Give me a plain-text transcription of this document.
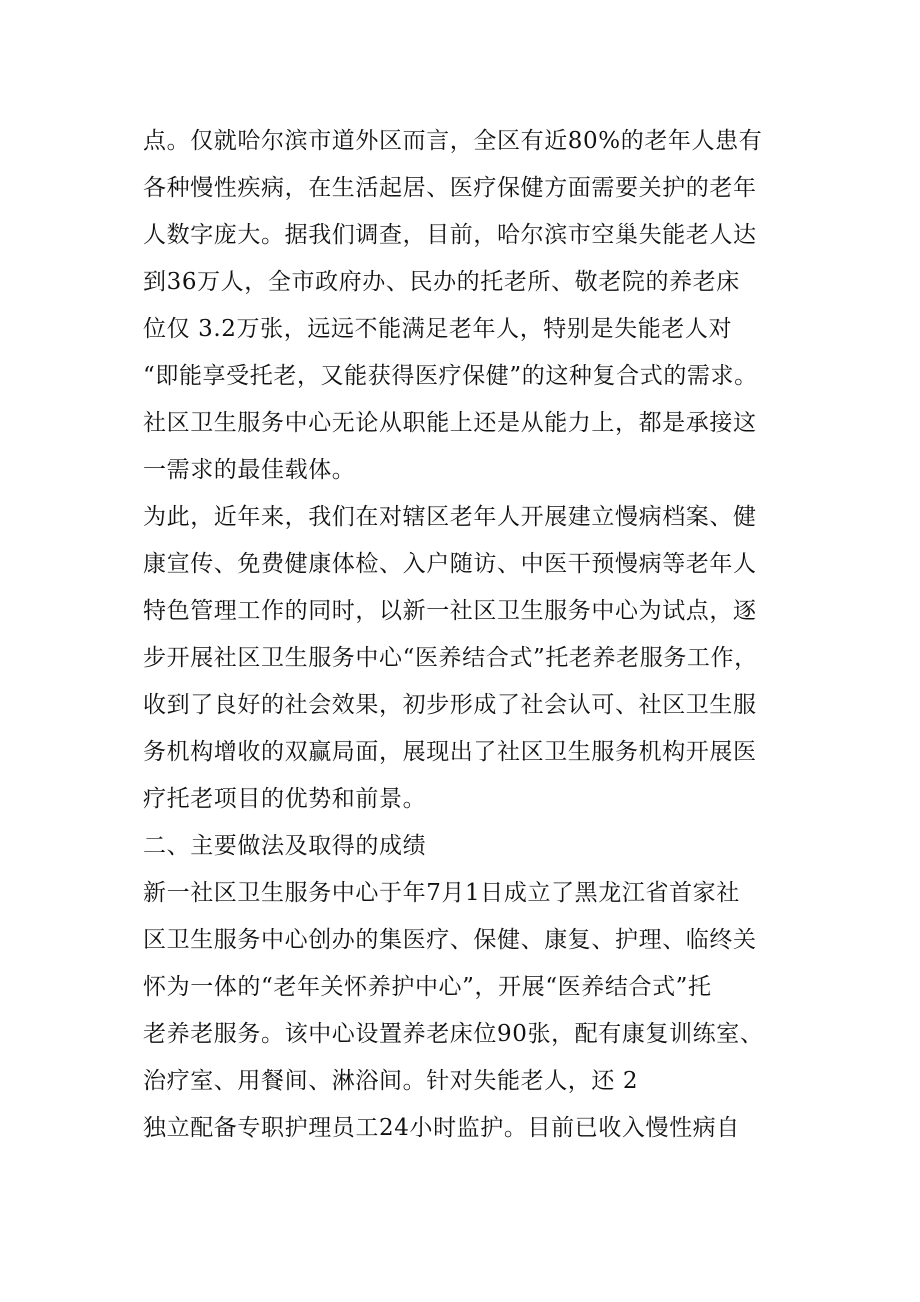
点。仅就哈尔滨市道外区而言，全区有近80%的老年人患有
各种慢性疾病，在生活起居、医疗保健方面需要关护的老年
人数字庞大。据我们调查，目前，哈尔滨市空巢失能老人达
到36万人，全市政府办、民办的托老所、敬老院的养老床
位仅 3.2万张，远远不能满足老年人，特别是失能老人对
“即能享受托老，又能获得医疗保健”的这种复合式的需求。
社区卫生服务中心无论从职能上还是从能力上，都是承接这
一需求的最佳载体。
为此，近年来，我们在对辖区老年人开展建立慢病档案、健
康宣传、免费健康体检、入户随访、中医干预慢病等老年人
特色管理工作的同时，以新一社区卫生服务中心为试点，逐
步开展社区卫生服务中心“医养结合式”托老养老服务工作，
收到了良好的社会效果，初步形成了社会认可、社区卫生服
务机构增收的双赢局面，展现出了社区卫生服务机构开展医
疗托老项目的优势和前景。
二、主要做法及取得的成绩
新一社区卫生服务中心于年7月1日成立了黑龙江省首家社
区卫生服务中心创办的集医疗、保健、康复、护理、临终关
怀为一体的“老年关怀养护中心”，开展“医养结合式”托
老养老服务。该中心设置养老床位90张，配有康复训练室、
治疗室、用餐间、淋浴间。针对失能老人，还 2
独立配备专职护理员工24小时监护。目前已收入慢性病自
